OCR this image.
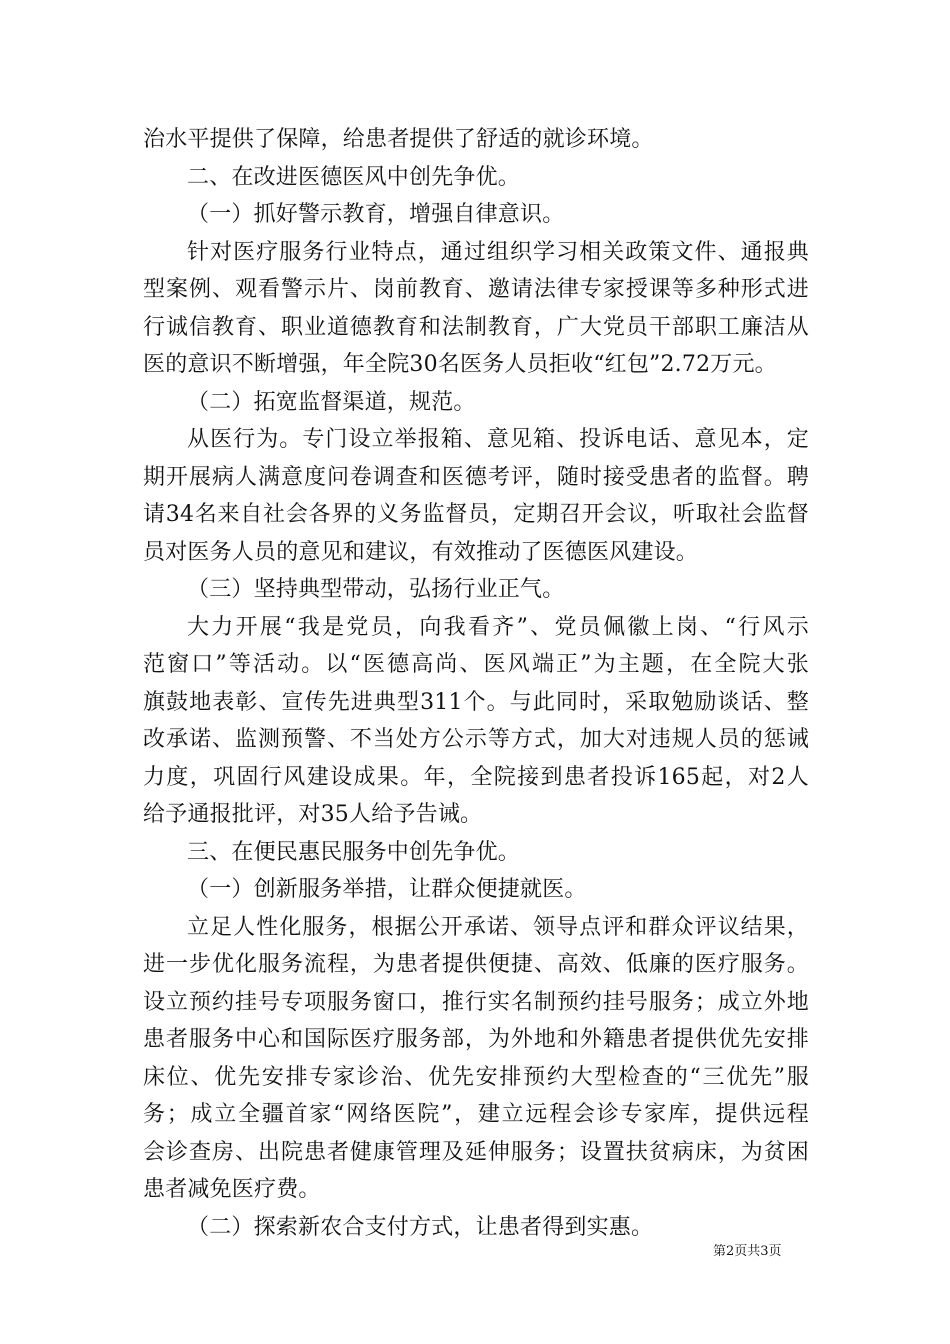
治水平提供了保障，给患者提供了舒适的就诊环境。
二、在改进医德医风中创先争优。
（一）抓好警示教育，增强自律意识。
针对医疗服务行业特点，通过组织学习相关政策文件、通报典
型案例、观看警示片、岗前教育、邀请法律专家授课等多种形式进
行诚信教育、职业道德教育和法制教育，广大党员干部职工廉洁从
医的意识不断增强，年全院30名医务人员拒收“红包”2.72万元。
（二）拓宽监督渠道，规范。
从医行为。专门设立举报箱、意见箱、投诉电话、意见本，定
期开展病人满意度问卷调查和医德考评，随时接受患者的监督。聘
请34名来自社会各界的义务监督员，定期召开会议，听取社会监督
员对医务人员的意见和建议，有效推动了医德医风建设。
（三）坚持典型带动，弘扬行业正气。
大力开展“我是党员，向我看齐”、党员佩徽上岗、“行风示
范窗口”等活动。以“医德高尚、医风端正”为主题，在全院大张
旗鼓地表彰、宣传先进典型311个。与此同时，采取勉励谈话、整
改承诺、监测预警、不当处方公示等方式，加大对违规人员的惩诫
力度，巩固行风建设成果。年，全院接到患者投诉165起，对2人
给予通报批评，对35人给予告诫。
三、在便民惠民服务中创先争优。
（一）创新服务举措，让群众便捷就医。
立足人性化服务，根据公开承诺、领导点评和群众评议结果，
进一步优化服务流程，为患者提供便捷、高效、低廉的医疗服务。
设立预约挂号专项服务窗口，推行实名制预约挂号服务；成立外地
患者服务中心和国际医疗服务部，为外地和外籍患者提供优先安排
床位、优先安排专家诊治、优先安排预约大型检查的“三优先”服
务；成立全疆首家“网络医院”，建立远程会诊专家库，提供远程
会诊查房、出院患者健康管理及延伸服务；设置扶贫病床，为贫困
患者减免医疗费。
（二）探索新农合支付方式，让患者得到实惠。
第2页共3页
